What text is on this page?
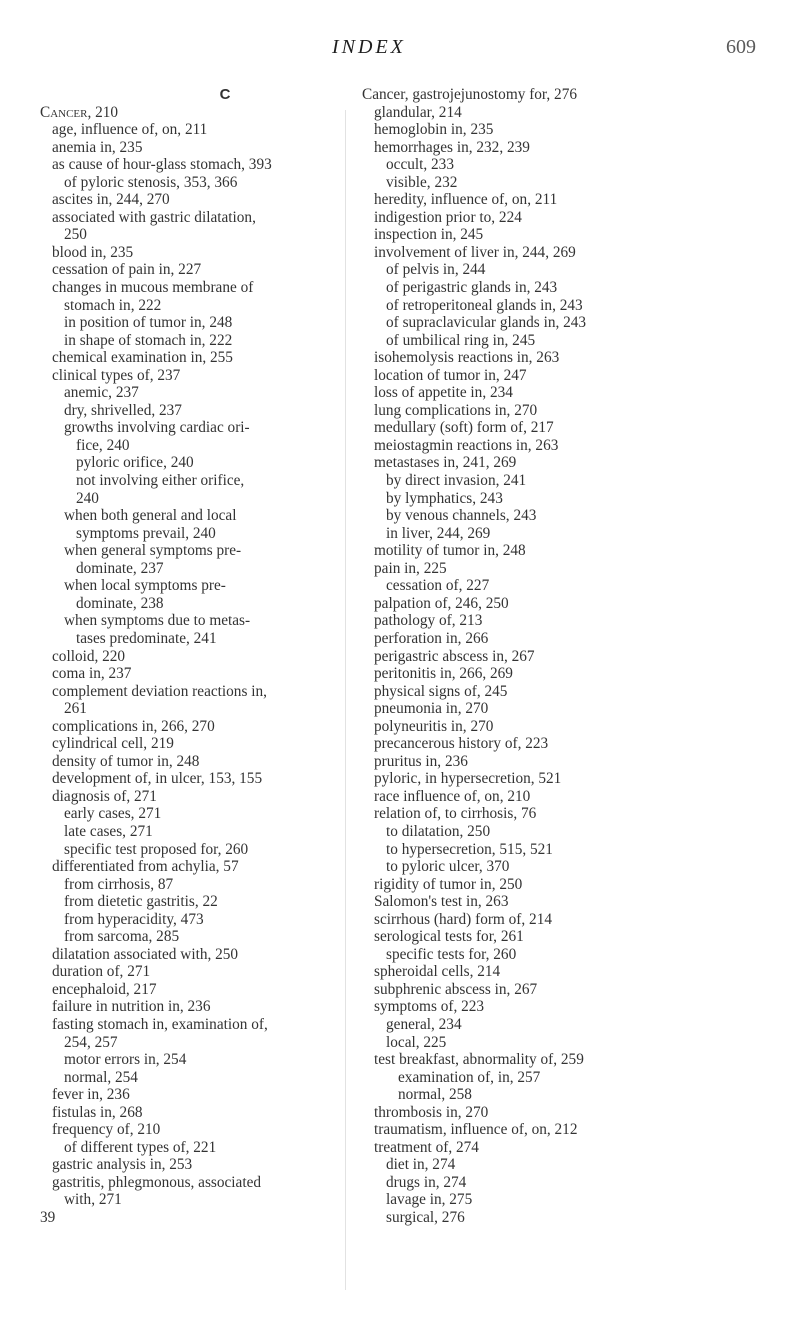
INDEX	609
C
Cancer, 210
age, influence of, on, 211
anemia in, 235
as cause of hour-glass stomach, 393
of pyloric stenosis, 353, 366
ascites in, 244, 270
associated with gastric dilatation,
250
blood in, 235
cessation of pain in, 227
changes in mucous membrane of
stomach in, 222
in position of tumor in, 248
in shape of stomach in, 222
chemical examination in, 255
clinical types of, 237
anemic, 237
dry, shrivelled, 237
growths involving cardiac ori-
fice, 240
pyloric orifice, 240
not involving either orifice,
240
when both general and local
symptoms prevail, 240
when general symptoms pre-
dominate, 237
when local symptoms pre-
dominate, 238
when symptoms due to metas-
tases predominate, 241
colloid, 220
coma in, 237
complement deviation reactions in,
261
complications in, 266, 270
cylindrical cell, 219
density of tumor in, 248
development of, in ulcer, 153, 155
diagnosis of, 271
early cases, 271
late cases, 271
specific test proposed for, 260
differentiated from achylia, 57
from cirrhosis, 87
from dietetic gastritis, 22
from hyperacidity, 473
from sarcoma, 285
dilatation associated with, 250
duration of, 271
encephaloid, 217
failure in nutrition in, 236
fasting stomach in, examination of,
254, 257
motor errors in, 254
normal, 254
fever in, 236
fistulas in, 268
frequency of, 210
of different types of, 221
gastric analysis in, 253
gastritis, phlegmonous, associated
with, 271
39
Cancer, gastrojejunostomy for, 276
glandular, 214
hemoglobin in, 235
hemorrhages in, 232, 239
occult, 233
visible, 232
heredity, influence of, on, 211
indigestion prior to, 224
inspection in, 245
involvement of liver in, 244, 269
of pelvis in, 244
of perigastric glands in, 243
of retroperitoneal glands in, 243
of supraclavicular glands in, 243
of umbilical ring in, 245
isohemolysis reactions in, 263
location of tumor in, 247
loss of appetite in, 234
lung complications in, 270
medullary (soft) form of, 217
meiostagmin reactions in, 263
metastases in, 241, 269
by direct invasion, 241
by lymphatics, 243
by venous channels, 243
in liver, 244, 269
motility of tumor in, 248
pain in, 225
cessation of, 227
palpation of, 246, 250
pathology of, 213
perforation in, 266
perigastric abscess in, 267
peritonitis in, 266, 269
physical signs of, 245
pneumonia in, 270
polyneuritis in, 270
precancerous history of, 223
pruritus in, 236
pyloric, in hypersecretion, 521
race influence of, on, 210
relation of, to cirrhosis, 76
to dilatation, 250
to hypersecretion, 515, 521
to pyloric ulcer, 370
rigidity of tumor in, 250
Salomon's test in, 263
scirrhous (hard) form of, 214
serological tests for, 261
specific tests for, 260
spheroidal cells, 214
subphrenic abscess in, 267
symptoms of, 223
general, 234
local, 225
test breakfast, abnormality of, 259
examination of, in, 257
normal, 258
thrombosis in, 270
traumatism, influence of, on, 212
treatment of, 274
diet in, 274
drugs in, 274
lavage in, 275
surgical, 276
